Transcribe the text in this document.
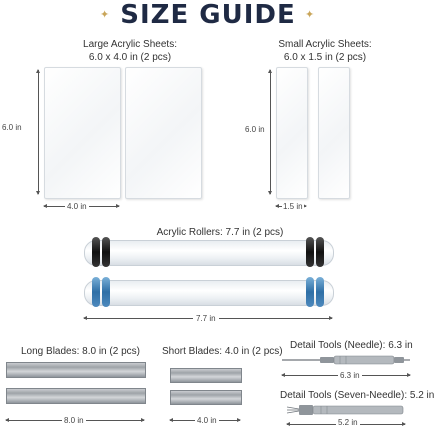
✦ SIZE GUIDE ✦
Large Acrylic Sheets:
6.0 x 4.0 in (2 pcs)
6.0 in
4.0 in
Small Acrylic Sheets:
6.0 x 1.5 in (2 pcs)
6.0 in
1.5 in
Acrylic Rollers: 7.7 in (2 pcs)
7.7 in
Long Blades: 8.0 in (2 pcs)
8.0 in
Short Blades: 4.0 in (2 pcs)
4.0 in
Detail Tools (Needle): 6.3 in
6.3 in
Detail Tools (Seven-Needle): 5.2 in
5.2 in
